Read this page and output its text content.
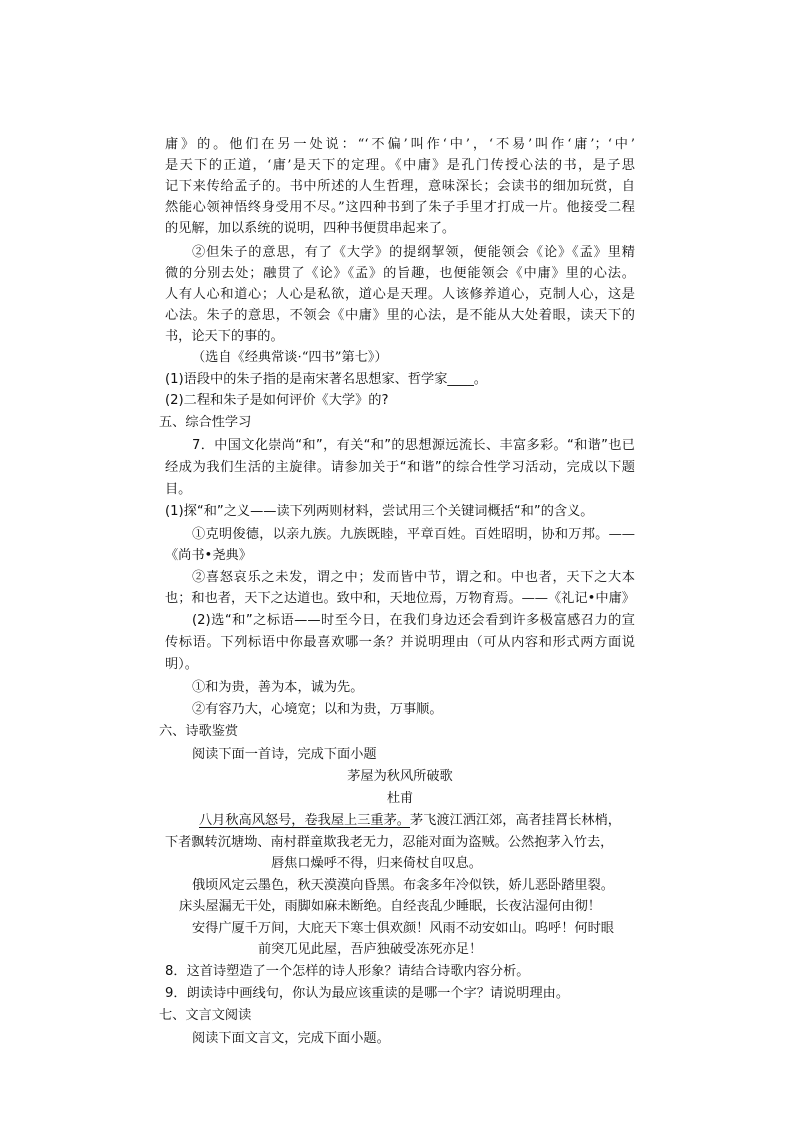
庸》的。他们在另一处说：“‘不偏’叫作‘中’，‘不易’叫作‘庸’；‘中’
是天下的正道，‘庸’是天下的定理。《中庸》是孔门传授心法的书，是子思
记下来传给孟子的。书中所述的人生哲理，意味深长；会读书的细加玩赏，自
然能心领神悟终身受用不尽。”这四种书到了朱子手里才打成一片。他接受二程
的见解，加以系统的说明，四种书便贯串起来了。
②但朱子的意思，有了《大学》的提纲挈领，便能领会《论》《孟》里精
微的分别去处；融贯了《论》《孟》的旨趣，也便能领会《中庸》里的心法。
人有人心和道心；人心是私欲，道心是天理。人该修养道心，克制人心，这是
心法。朱子的意思，不领会《中庸》里的心法，是不能从大处着眼，读天下的
书，论天下的事的。
（选自《经典常谈·“四书”第七》）
(1)语段中的朱子指的是南宋著名思想家、哲学家____。
(2)二程和朱子是如何评价《大学》的?
五、综合性学习
7．中国文化崇尚“和”，有关“和”的思想源远流长、丰富多彩。“和谐”也已
经成为我们生活的主旋律。请参加关于“和谐”的综合性学习活动，完成以下题
目。
(1)探“和”之义——读下列两则材料，尝试用三个关键词概括“和”的含义。
①克明俊德，以亲九族。九族既睦，平章百姓。百姓昭明，协和万邦。——
《尚书•尧典》
②喜怒哀乐之未发，谓之中；发而皆中节，谓之和。中也者，天下之大本
也；和也者，天下之达道也。致中和，天地位焉，万物育焉。——《礼记•中庸》
(2)选“和”之标语——时至今日，在我们身边还会看到许多极富感召力的宣
传标语。下列标语中你最喜欢哪一条？并说明理由（可从内容和形式两方面说
明）。
①和为贵，善为本，诚为先。
②有容乃大，心境宽；以和为贵，万事顺。
六、诗歌鉴赏
阅读下面一首诗，完成下面小题
茅屋为秋风所破歌
杜甫
八月秋高风怒号，卷我屋上三重茅。茅飞渡江洒江郊，高者挂罥长林梢，
下者飘转沉塘坳、南村群童欺我老无力，忍能对面为盗贼。公然抱茅入竹去，
唇焦口燥呼不得，归来倚杖自叹息。
俄顷风定云墨色，秋天漠漠向昏黑。布衾多年冷似铁，娇儿恶卧踏里裂。
床头屋漏无干处，雨脚如麻未断绝。自经丧乱少睡眠，长夜沾湿何由彻！
安得广厦千万间，大庇天下寒士俱欢颜！风雨不动安如山。呜呼！何时眼
前突兀见此屋，吾庐独破受冻死亦足！
8．这首诗塑造了一个怎样的诗人形象？请结合诗歌内容分析。
9．朗读诗中画线句，你认为最应该重读的是哪一个字？请说明理由。
七、文言文阅读
阅读下面文言文，完成下面小题。
